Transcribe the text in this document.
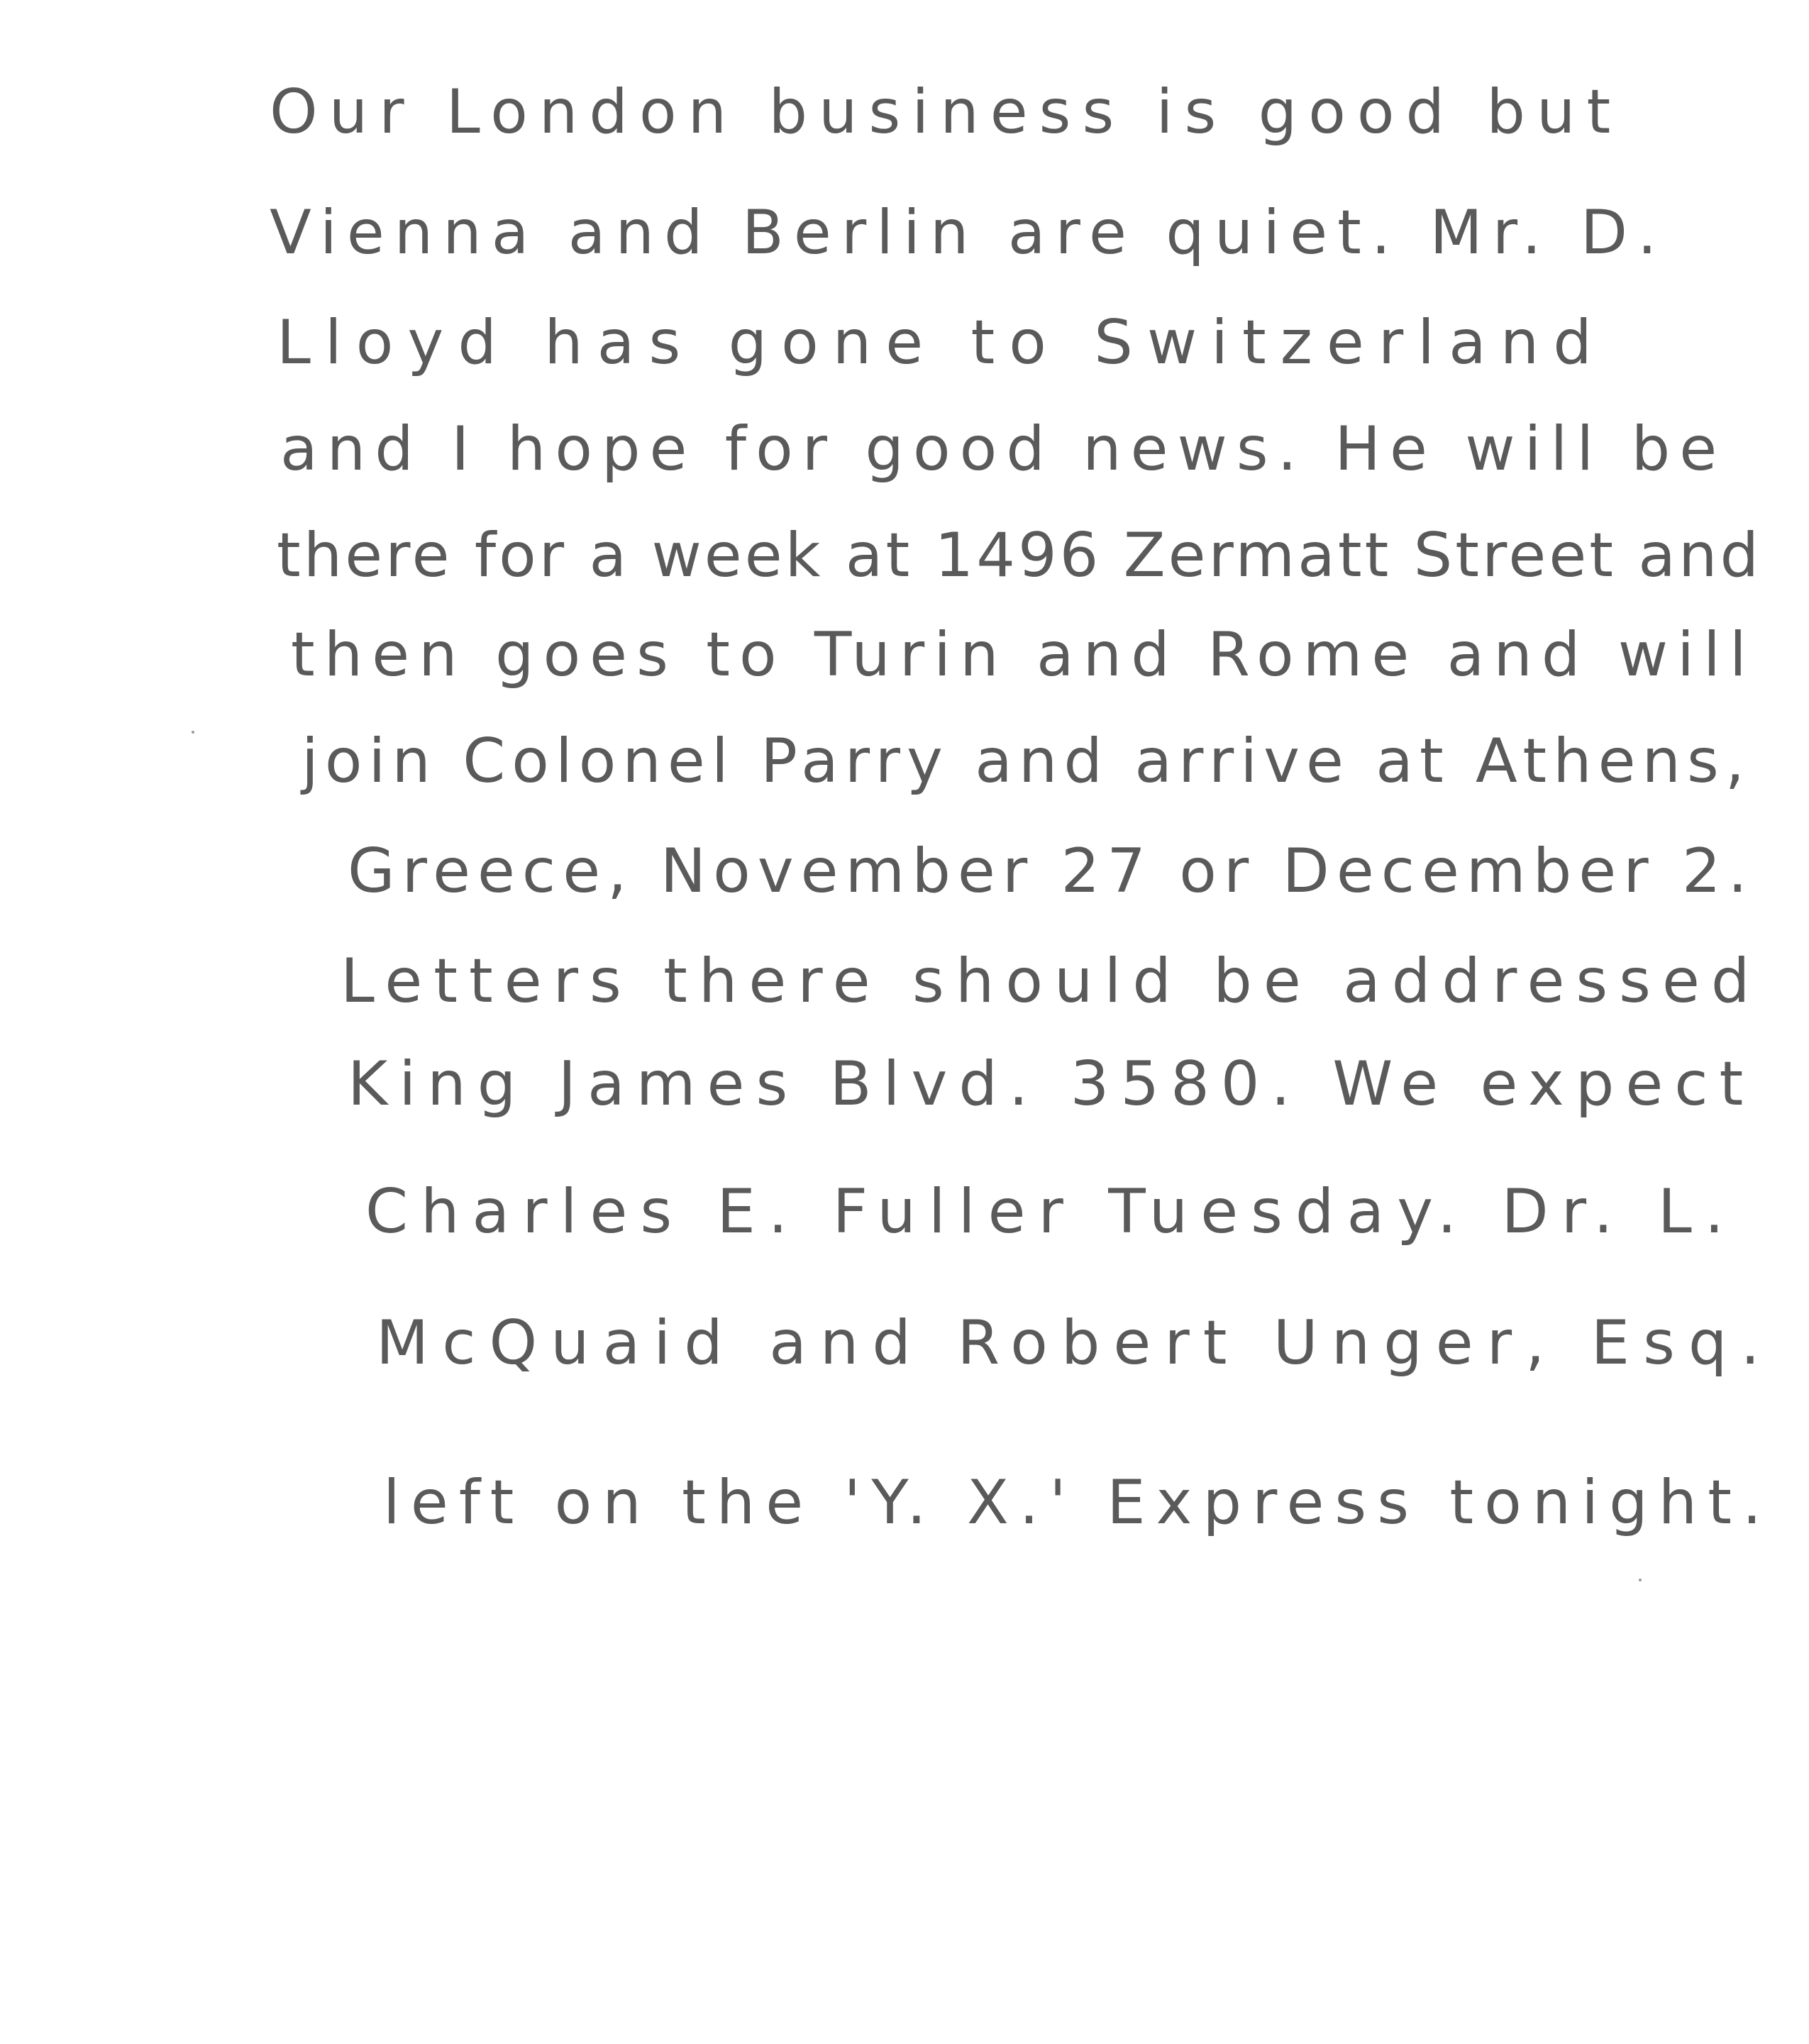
Our London business is good but
Vienna and Berlin are quiet. Mr. D.
Lloyd has gone to Switzerland
and I hope for good news. He will be
there for a week at 1496 Zermatt Street and
then goes to Turin and Rome and will
join Colonel Parry and arrive at Athens,
Greece, November 27 or December 2.
Letters there should be addressed
King James Blvd. 3580. We expect
Charles E. Fuller Tuesday. Dr. L.
McQuaid and Robert Unger, Esq.
left on the 'Y. X.' Express tonight.
